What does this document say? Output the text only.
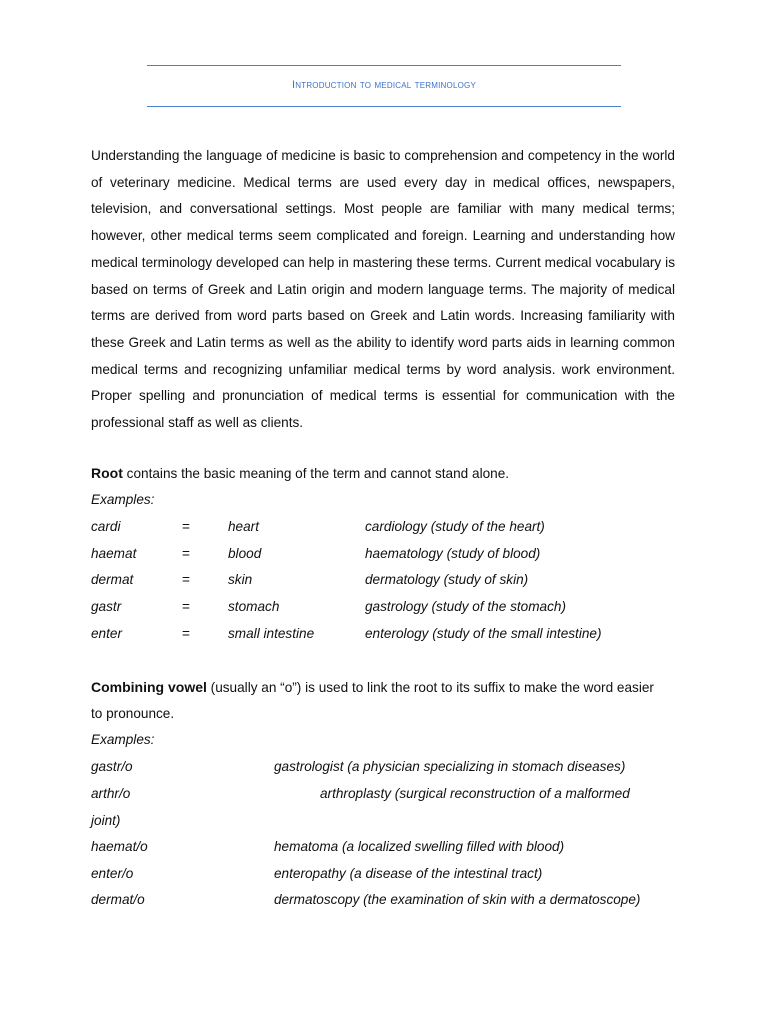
Introduction to medical terminology

Understanding the language of medicine is basic to comprehension and competency in the world of veterinary medicine. Medical terms are used every day in medical offices, newspapers, television, and conversational settings. Most people are familiar with many medical terms; however, other medical terms seem complicated and foreign. Learning and understanding how medical terminology developed can help in mastering these terms. Current medical vocabulary is based on terms of Greek and Latin origin and modern language terms. The majority of medical terms are derived from word parts based on Greek and Latin words. Increasing familiarity with these Greek and Latin terms as well as the ability to identify word parts aids in learning common medical terms and recognizing unfamiliar medical terms by word analysis. work environment. Proper spelling and pronunciation of medical terms is essential for communication with the professional staff as well as clients.

Root contains the basic meaning of the term and cannot stand alone.

Examples:

cardi	=	heart	cardiology (study of the heart)
haemat	=	blood	haematology (study of blood)
dermat	=	skin	dermatology (study of skin)
gastr	=	stomach	gastrology (study of the stomach)
enter	=	small intestine	enterology (study of the small intestine)

Combining vowel (usually an “o”) is used to link the root to its suffix to make the word easier

to pronounce.

Examples:

gastr/o	gastrologist (a physician specializing in stomach diseases)
arthr/o	arthroplasty (surgical reconstruction of a malformed
joint)
haemat/o	hematoma (a localized swelling filled with blood)
enter/o	enteropathy (a disease of the intestinal tract)
dermat/o	dermatoscopy (the examination of skin with a dermatoscope)
